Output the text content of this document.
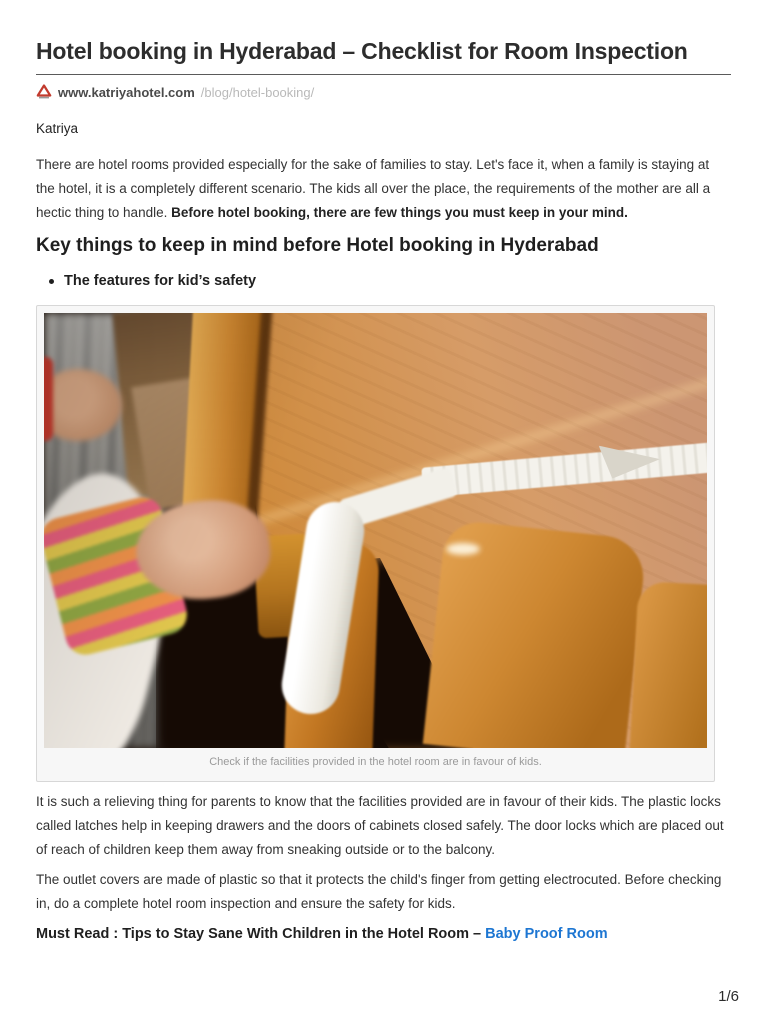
Hotel booking in Hyderabad – Checklist for Room Inspection
www.katriyahotel.com /blog/hotel-booking/
Katriya

There are hotel rooms provided especially for the sake of families to stay. Let's face it, when a family is staying at the hotel, it is a completely different scenario. The kids all over the place, the requirements of the mother are all a hectic thing to handle. Before hotel booking, there are few things you must keep in your mind.

Key things to keep in mind before Hotel booking in Hyderabad
The features for kid’s safety
Check if the facilities provided in the hotel room are in favour of kids.

It is such a relieving thing for parents to know that the facilities provided are in favour of their kids. The plastic locks called latches help in keeping drawers and the doors of cabinets closed safely. The door locks which are placed out of reach of children keep them away from sneaking outside or to the balcony.

The outlet covers are made of plastic so that it protects the child's finger from getting electrocuted. Before checking in, do a complete hotel room inspection and ensure the safety for kids.

Must Read : Tips to Stay Sane With Children in the Hotel Room – Baby Proof Room

1/6
